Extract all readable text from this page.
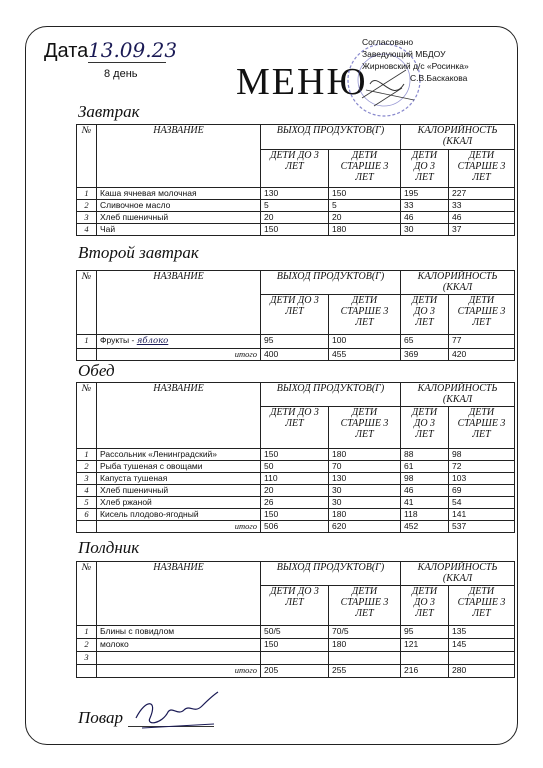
Дата 13.09.23
8 день	МЕНЮ
Согласовано
Заведующий МБДОУ
Жирновский д/с «Росинка»
С.В.Баскакова
Завтрак
№	НАЗВАНИЕ	ВЫХОД ПРОДУКТОВ(Г)		КАЛОРИЙНОСТЬ (ККАЛ	
		ДЕТИ ДО 3 ЛЕТ	ДЕТИ СТАРШЕ 3 ЛЕТ	ДЕТИ ДО 3 ЛЕТ	ДЕТИ СТАРШЕ 3 ЛЕТ
1	Каша ячневая молочная	130	150	195	227
2	Сливочное масло	5	5	33	33
3	Хлеб пшеничный	20	20	46	46
4	Чай	150	180	30	37
Второй завтрак
№	НАЗВАНИЕ	ВЫХОД ПРОДУКТОВ(Г)		КАЛОРИЙНОСТЬ (ККАЛ	
		ДЕТИ ДО 3 ЛЕТ	ДЕТИ СТАРШЕ 3 ЛЕТ	ДЕТИ ДО 3 ЛЕТ	ДЕТИ СТАРШЕ 3 ЛЕТ
1	Фрукты - яблоко	95	100	65	77
	итого	400	455	369	420
Обед
№	НАЗВАНИЕ	ВЫХОД ПРОДУКТОВ(Г)		КАЛОРИЙНОСТЬ (ККАЛ	
		ДЕТИ ДО 3 ЛЕТ	ДЕТИ СТАРШЕ 3 ЛЕТ	ДЕТИ ДО 3 ЛЕТ	ДЕТИ СТАРШЕ 3 ЛЕТ
1	Рассольник «Ленинградский»	150	180	88	98
2	Рыба тушеная с овощами	50	70	61	72
3	Капуста тушеная	110	130	98	103
4	Хлеб пшеничный	20	30	46	69
5	Хлеб ржаной	26	30	41	54
6	Кисель плодово-ягодный	150	180	118	141
	итого	506	620	452	537
Полдник
№	НАЗВАНИЕ	ВЫХОД ПРОДУКТОВ(Г)		КАЛОРИЙНОСТЬ (ККАЛ	
		ДЕТИ ДО 3 ЛЕТ	ДЕТИ СТАРШЕ 3 ЛЕТ	ДЕТИ ДО 3 ЛЕТ	ДЕТИ СТАРШЕ 3 ЛЕТ
1	Блины с повидлом	50/5	70/5	95	135
2	молоко	150	180	121	145
3					
	итого	205	255	216	280
Повар
